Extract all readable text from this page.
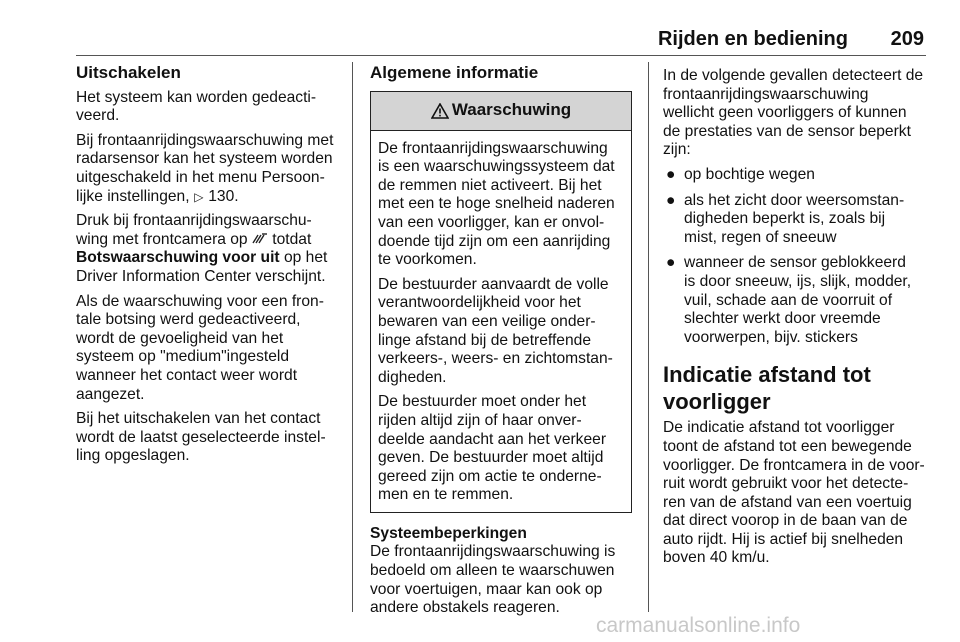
Rijden en bediening 209
Uitschakelen

Het systeem kan worden gedeacti-
veerd.

Bij frontaanrijdingswaarschuwing met
radarsensor kan het systeem worden
uitgeschakeld in het menu Persoon-
lijke instellingen, ▷ 130.

Druk bij frontaanrijdingswaarschu-
wing met frontcamera op totdat
Botswaarschuwing voor uit op het
Driver Information Center verschijnt.

Als de waarschuwing voor een fron-
tale botsing werd gedeactiveerd,
wordt de gevoeligheid van het
systeem op "medium"ingesteld
wanneer het contact weer wordt
aangezet.

Bij het uitschakelen van het contact
wordt de laatst geselecteerde instel-
ling opgeslagen.

Algemene informatie
Waarschuwing

De frontaanrijdingswaarschuwing
is een waarschuwingssysteem dat
de remmen niet activeert. Bij het
met een te hoge snelheid naderen
van een voorligger, kan er onvol-
doende tijd zijn om een aanrijding
te voorkomen.

De bestuurder aanvaardt de volle
verantwoordelijkheid voor het
bewaren van een veilige onder-
linge afstand bij de betreffende
verkeers-, weers- en zichtomstan-
digheden.

De bestuurder moet onder het
rijden altijd zijn of haar onver-
deelde aandacht aan het verkeer
geven. De bestuurder moet altijd
gereed zijn om actie te onderne-
men en te remmen.

Systeembeperkingen

De frontaanrijdingswaarschuwing is
bedoeld om alleen te waarschuwen
voor voertuigen, maar kan ook op
andere obstakels reageren.

In de volgende gevallen detecteert de
frontaanrijdingswaarschuwing
wellicht geen voorliggers of kunnen
de prestaties van de sensor beperkt
zijn:

● op bochtige wegen
● als het zicht door weersomstan-
digheden beperkt is, zoals bij
mist, regen of sneeuw
● wanneer de sensor geblokkeerd
is door sneeuw, ijs, slijk, modder,
vuil, schade aan de voorruit of
slechter werkt door vreemde
voorwerpen, bijv. stickers
Indicatie afstand tot
voorligger

De indicatie afstand tot voorligger
toont de afstand tot een bewegende
voorligger. De frontcamera in de voor-
ruit wordt gebruikt voor het detecte-
ren van de afstand van een voertuig
dat direct voorop in de baan van de
auto rijdt. Hij is actief bij snelheden
boven 40 km/u.

carmanualsonline.info
